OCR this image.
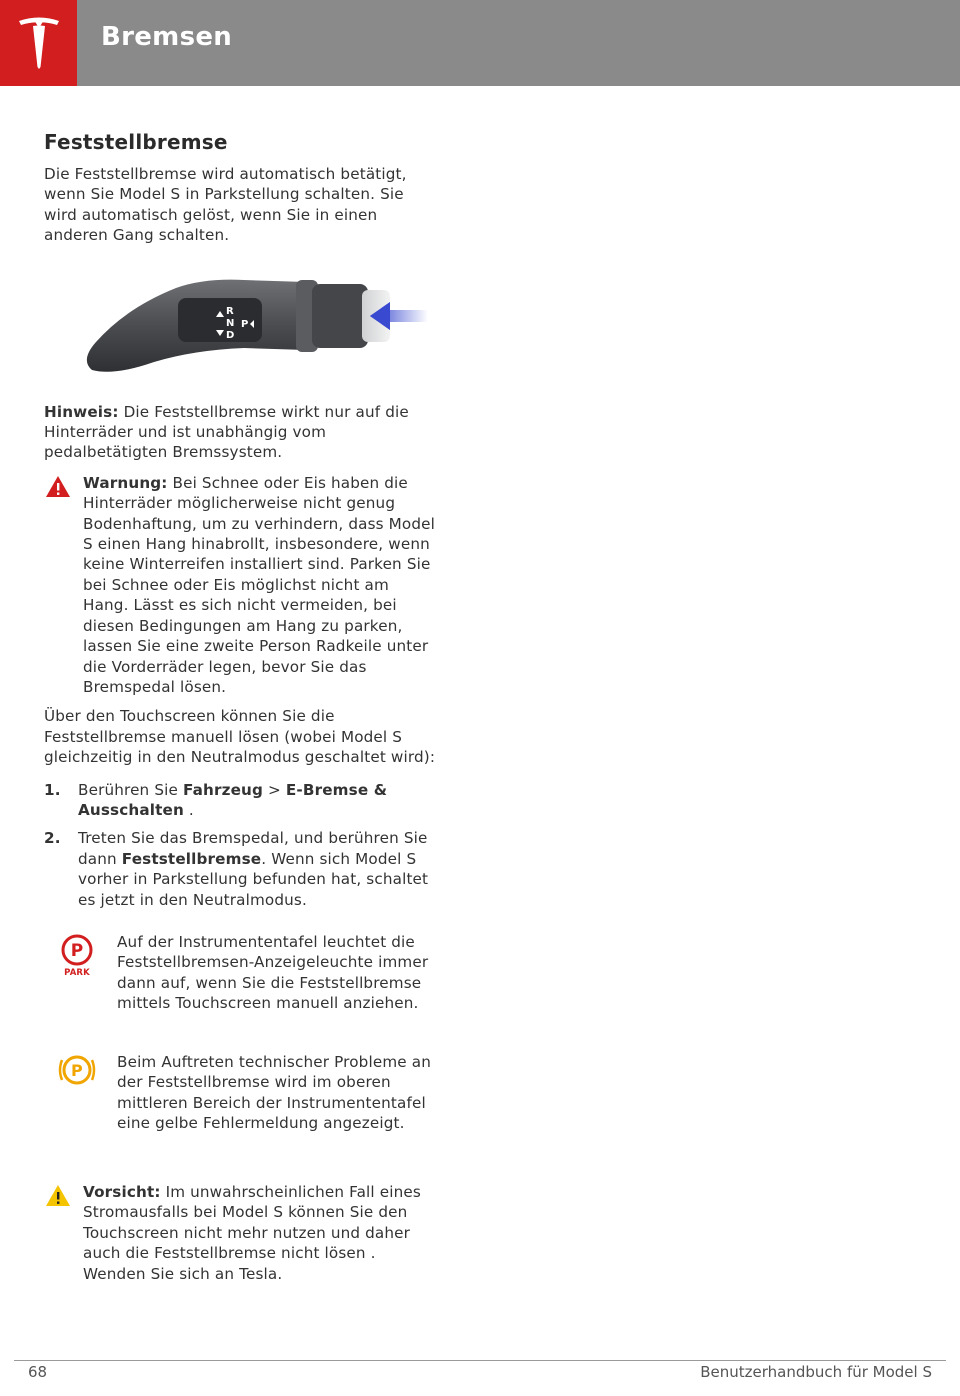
Bremsen
Feststellbremse

Die Feststellbremse wird automatisch betätigt, wenn Sie Model S in Parkstellung schalten. Sie wird automatisch gelöst, wenn Sie in einen anderen Gang schalten.

R
N
D
P

Hinweis: Die Feststellbremse wirkt nur auf die Hinterräder und ist unabhängig vom pedalbetätigten Bremssystem.

Warnung: Bei Schnee oder Eis haben die Hinterräder möglicherweise nicht genug Bodenhaftung, um zu verhindern, dass Model S einen Hang hinabrollt, insbesondere, wenn keine Winterreifen installiert sind. Parken Sie bei Schnee oder Eis möglichst nicht am Hang. Lässt es sich nicht vermeiden, bei diesen Bedingungen am Hang zu parken, lassen Sie eine zweite Person Radkeile unter die Vorderräder legen, bevor Sie das Bremspedal lösen.

Über den Touchscreen können Sie die Feststellbremse manuell lösen (wobei Model S gleichzeitig in den Neutralmodus geschaltet wird):

1. Berühren Sie Fahrzeug > E-Bremse & Ausschalten .
2. Treten Sie das Bremspedal, und berühren Sie dann Feststellbremse. Wenn sich Model S vorher in Parkstellung befunden hat, schaltet es jetzt in den Neutralmodus.
P
PARK
Auf der Instrumententafel leuchtet die Feststellbremsen-Anzeigeleuchte immer dann auf, wenn Sie die Feststellbremse mittels Touchscreen manuell anziehen.
P Beim Auftreten technischer Probleme an der Feststellbremse wird im oberen mittleren Bereich der Instrumententafel eine gelbe Fehlermeldung angezeigt.
Vorsicht: Im unwahrscheinlichen Fall eines Stromausfalls bei Model S können Sie den Touchscreen nicht mehr nutzen und daher auch die Feststellbremse nicht lösen . Wenden Sie sich an Tesla.
68	Benutzerhandbuch für Model S
